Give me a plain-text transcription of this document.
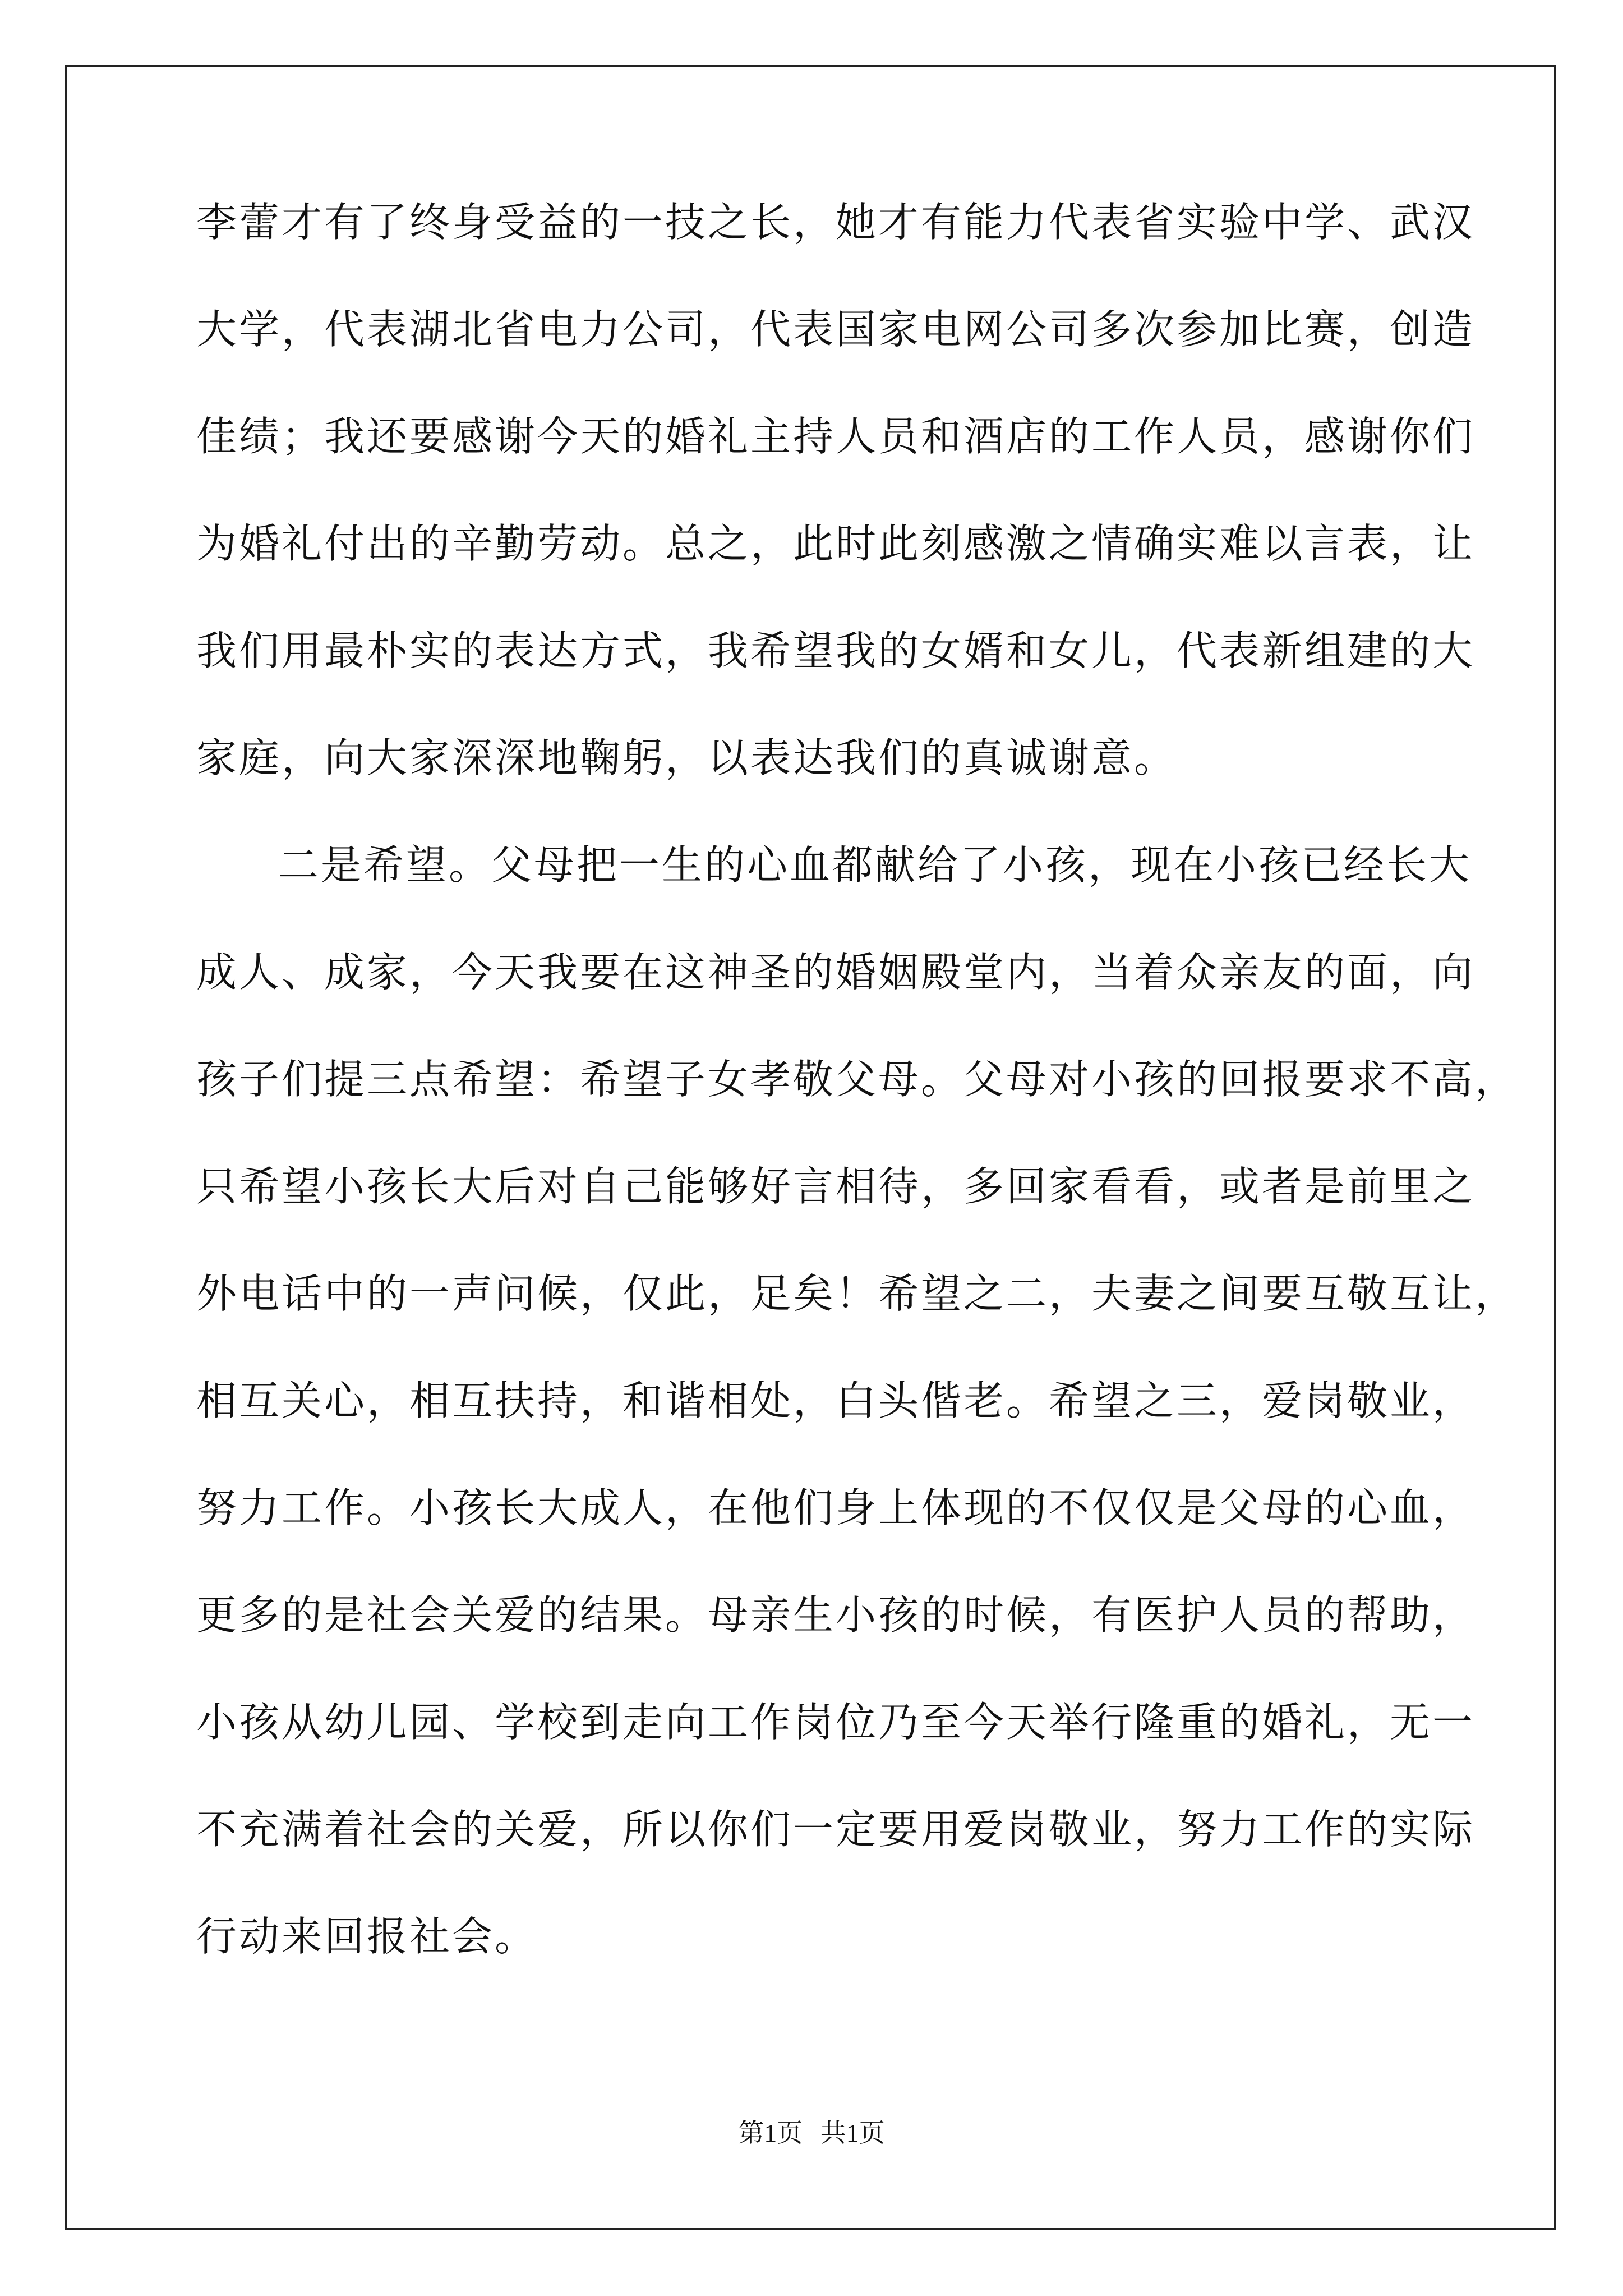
李蕾才有了终身受益的一技之长，她才有能力代表省实验中学、武汉

大学，代表湖北省电力公司，代表国家电网公司多次参加比赛，创造

佳绩；我还要感谢今天的婚礼主持人员和酒店的工作人员，感谢你们

为婚礼付出的辛勤劳动。总之，此时此刻感激之情确实难以言表，让

我们用最朴实的表达方式，我希望我的女婿和女儿，代表新组建的大

家庭，向大家深深地鞠躬，以表达我们的真诚谢意。

二是希望。父母把一生的心血都献给了小孩，现在小孩已经长大

成人、成家，今天我要在这神圣的婚姻殿堂内，当着众亲友的面，向

孩子们提三点希望：希望子女孝敬父母。父母对小孩的回报要求不高，

只希望小孩长大后对自己能够好言相待，多回家看看，或者是前里之

外电话中的一声问候，仅此，足矣！希望之二，夫妻之间要互敬互让，

相互关心，相互扶持，和谐相处，白头偕老。希望之三，爱岗敬业，

努力工作。小孩长大成人，在他们身上体现的不仅仅是父母的心血，

更多的是社会关爱的结果。母亲生小孩的时候，有医护人员的帮助，

小孩从幼儿园、学校到走向工作岗位乃至今天举行隆重的婚礼，无一

不充满着社会的关爱，所以你们一定要用爱岗敬业，努力工作的实际

行动来回报社会。

第1页 共1页
